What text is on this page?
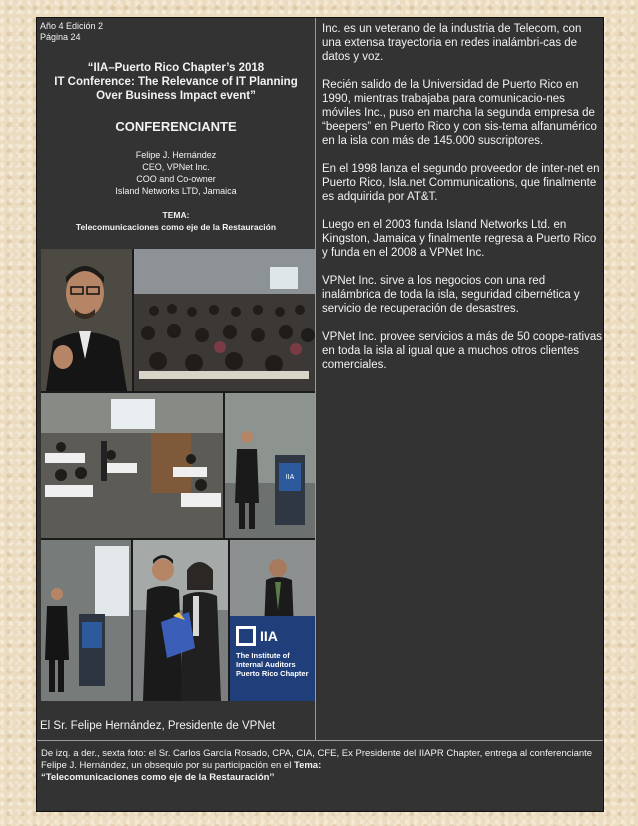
Año 4 Edición 2
Página 24
“IIA–Puerto Rico Chapter’s 2018
IT Conference: The Relevance of IT Planning
Over Business Impact event”
CONFERENCIANTE
Felipe J. Hernández
CEO, VPNet Inc.
COO and Co-owner
Island Networks LTD, Jamaica
TEMA:
Telecomunicaciones como eje de la Restauración
IIA
IIA
The Institute of
Internal Auditors
Puerto Rico Chapter
El Sr. Felipe Hernández, Presidente de VPNet

Inc. es un veterano de la industria de Telecom, con una extensa trayectoria en redes inalámbri-cas de datos y voz.

Recién salido de la Universidad de Puerto Rico en 1990, mientras trabajaba para comunicacio-nes móviles Inc., puso en marcha la segunda empresa de “beepers” en Puerto Rico y con sis-tema alfanumérico en la isla con más de 145.000 suscriptores.

En el 1998 lanza el segundo proveedor de inter-net en Puerto Rico, Isla.net Communications, que finalmente es adquirida por AT&T.

Luego en el 2003 funda Island Networks Ltd. en Kingston, Jamaica y finalmente regresa a Puerto Rico y funda en el 2008 a VPNet Inc.

VPNet Inc. sirve a los negocios con una red inalámbrica de toda la isla, seguridad cibernética y servicio de recuperación de desastres.

VPNet Inc. provee servicios a más de 50 coope-rativas en toda la isla al igual que a muchos otros clientes comerciales.

De izq. a der., sexta foto: el Sr. Carlos García Rosado, CPA, CIA, CFE, Ex Presidente del IIAPR Chapter, entrega al conferenciante Felipe J. Hernández, un obsequio por su participación en el Tema:
“Telecomunicaciones como eje de la Restauración’’
